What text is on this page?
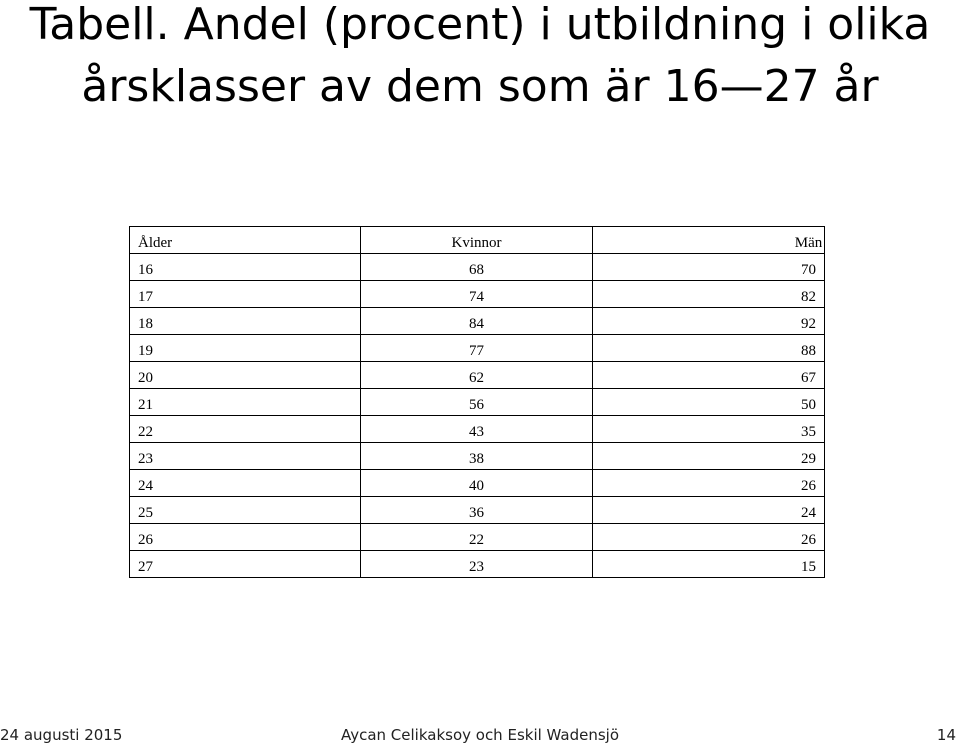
Tabell. Andel (procent) i utbildning i olika
årsklasser av dem som är 16—27 år
Ålder	Kvinnor	Män
16	68	70
17	74	82
18	84	92
19	77	88
20	62	67
21	56	50
22	43	35
23	38	29
24	40	26
25	36	24
26	22	26
27	23	15
24 augusti 2015	Aycan Celikaksoy och Eskil Wadensjö	14
